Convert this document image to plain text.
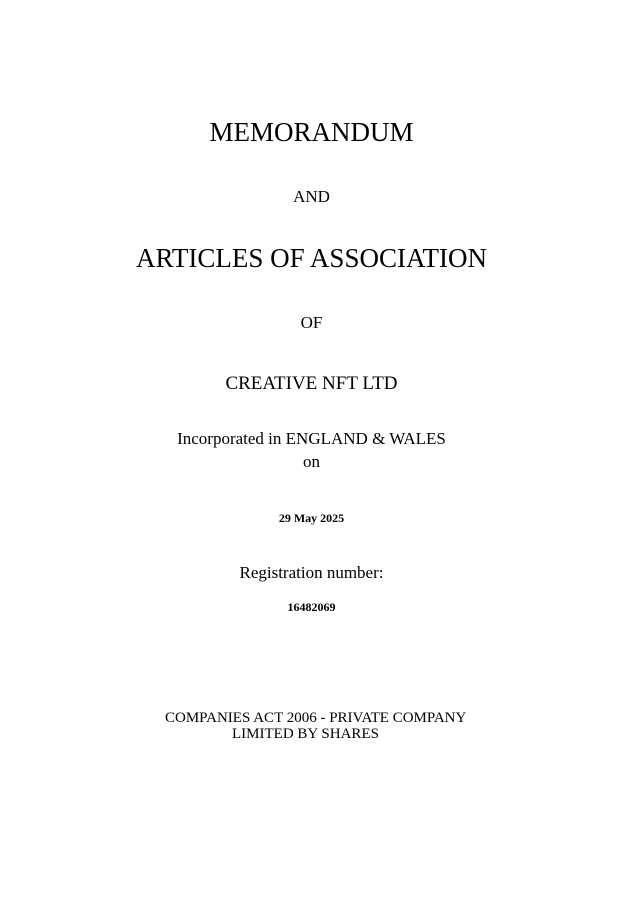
MEMORANDUM
AND
ARTICLES OF ASSOCIATION
OF
CREATIVE NFT LTD
Incorporated in ENGLAND & WALES
on
29 May 2025
Registration number:
16482069
COMPANIES ACT 2006 - PRIVATE COMPANY
LIMITED BY SHARES
